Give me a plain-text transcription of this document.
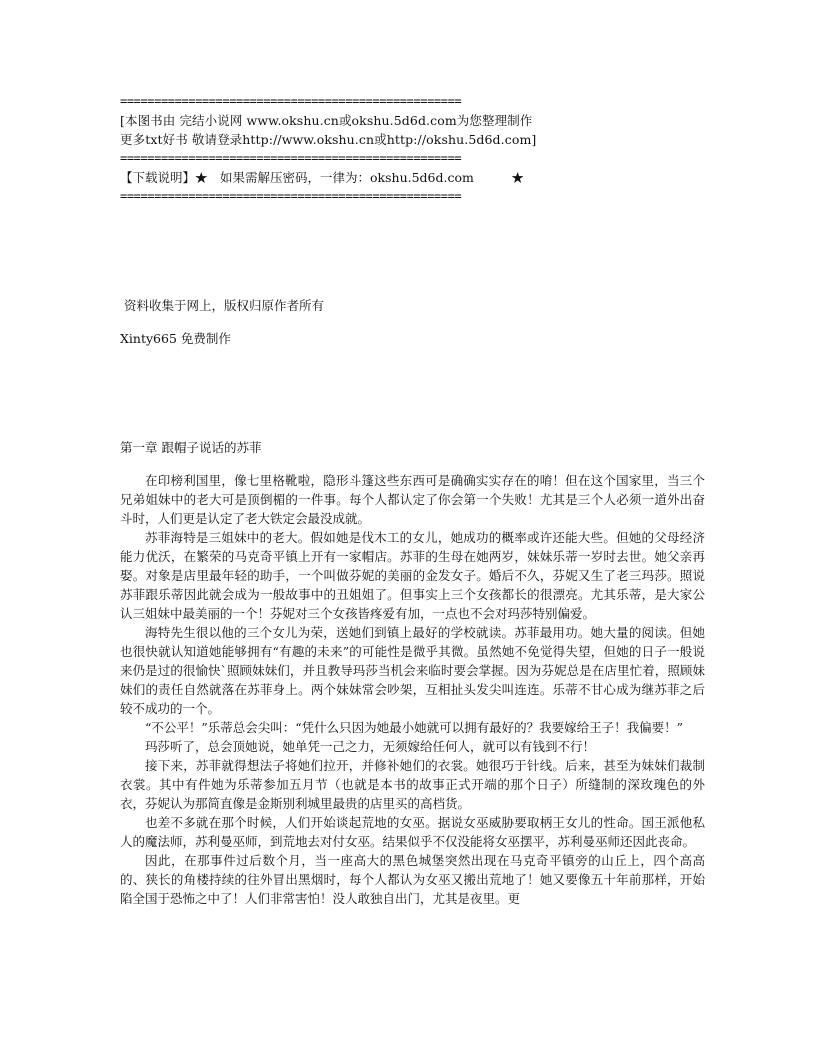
==================================================
[本图书由 完结小说网 www.okshu.cn或okshu.5d6d.com为您整理制作
更多txt好书 敬请登录http://www.okshu.cn或http://okshu.5d6d.com]
==================================================
【下载说明】★　如果需解压密码，一律为：okshu.5d6d.com　　　★
==================================================
资料收集于网上，版权归原作者所有
Xinty665 免费制作
第一章 跟帽子说话的苏菲

在印榜利国里，像七里格靴啦，隐形斗篷这些东西可是确确实实存在的唷！但在这个国家里，当三个兄弟姐妹中的老大可是顶倒楣的一件事。每个人都认定了你会第一个失败！尤其是三个人必须一道外出奋斗时，人们更是认定了老大铁定会最没成就。

苏菲海特是三姐妹中的老大。假如她是伐木工的女儿，她成功的概率或许还能大些。但她的父母经济能力优沃，在繁荣的马克奇平镇上开有一家帽店。苏菲的生母在她两岁，妹妹乐蒂一岁时去世。她父亲再娶。对象是店里最年轻的助手，一个叫做芬妮的美丽的金发女子。婚后不久，芬妮又生了老三玛莎。照说苏菲跟乐蒂因此就会成为一般故事中的丑姐姐了。但事实上三个女孩都长的很漂亮。尤其乐蒂，是大家公认三姐妹中最美丽的一个！芬妮对三个女孩皆疼爱有加，一点也不会对玛莎特别偏爱。

海特先生很以他的三个女儿为荣，送她们到镇上最好的学校就读。苏菲最用功。她大量的阅读。但她也很快就认知道她能够拥有“有趣的未来”的可能性是微乎其微。虽然她不免觉得失望，但她的日子一般说来仍是过的很愉快`照顾妹妹们，并且教导玛莎当机会来临时要会掌握。因为芬妮总是在店里忙着，照顾妹妹们的责任自然就落在苏菲身上。两个妹妹常会吵架，互相扯头发尖叫连连。乐蒂不甘心成为继苏菲之后较不成功的一个。

“不公平！”乐蒂总会尖叫：“凭什么只因为她最小她就可以拥有最好的？我要嫁给王子！我偏要！”

玛莎听了，总会顶她说，她单凭一己之力，无须嫁给任何人，就可以有钱到不行！

接下来，苏菲就得想法子将她们拉开，并修补她们的衣裳。她很巧于针线。后来，甚至为妹妹们裁制衣裳。其中有件她为乐蒂参加五月节（也就是本书的故事正式开端的那个日子）所缝制的深玫瑰色的外衣，芬妮认为那简直像是金斯别利城里最贵的店里买的高档货。

也差不多就在那个时候，人们开始谈起荒地的女巫。据说女巫威胁要取柄王女儿的性命。国王派他私人的魔法师，苏利曼巫师，到荒地去对付女巫。结果似乎不仅没能将女巫摆平，苏利曼巫师还因此丧命。

因此，在那事件过后数个月，当一座高大的黑色城堡突然出现在马克奇平镇旁的山丘上，四个高高的、狭长的角楼持续的往外冒出黑烟时，每个人都认为女巫又搬出荒地了！她又要像五十年前那样，开始陷全国于恐怖之中了！人们非常害怕！没人敢独自出门，尤其是夜里。更
